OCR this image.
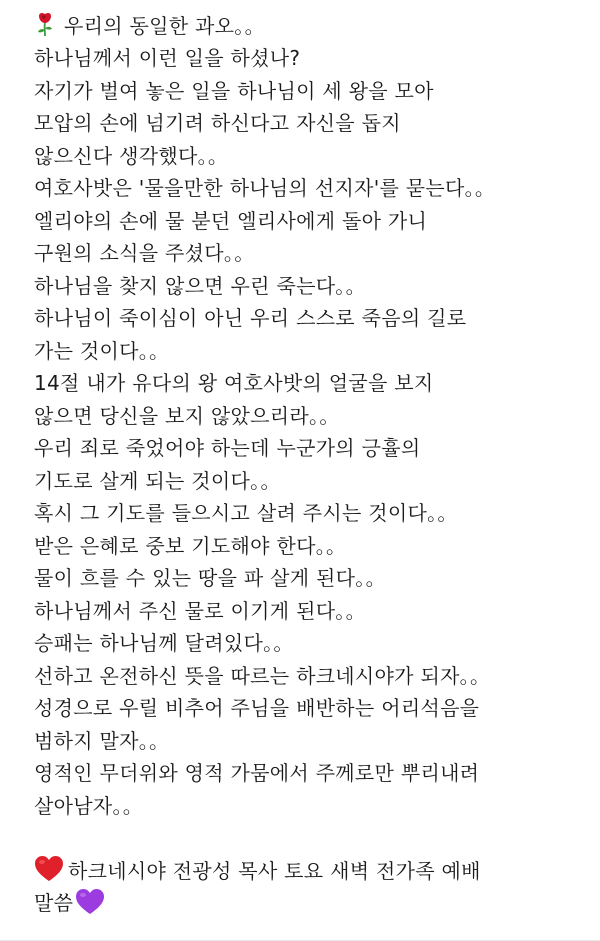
우리의 동일한 과오。。
하나님께서 이런 일을 하셨나?
자기가 벌여 놓은 일을 하나님이 세 왕을 모아
모압의 손에 넘기려 하신다고 자신을 돕지
않으신다 생각했다。。
여호사밧은 '물을만한 하나님의 선지자'를 묻는다。。
엘리야의 손에 물 붇던 엘리사에게 돌아 가니
구원의 소식을 주셨다。。
하나님을 찾지 않으면 우린 죽는다。。
하나님이 죽이심이 아닌 우리 스스로 죽음의 길로
가는 것이다。。
14절 내가 유다의 왕 여호사밧의 얼굴을 보지
않으면 당신을 보지 않았으리라。。
우리 죄로 죽었어야 하는데 누군가의 긍휼의
기도로 살게 되는 것이다。。
혹시 그 기도를 들으시고 살려 주시는 것이다。。
받은 은혜로 중보 기도해야 한다。。
물이 흐를 수 있는 땅을 파 살게 된다。。
하나님께서 주신 물로 이기게 된다。。
승패는 하나님께 달려있다。。
선하고 온전하신 뜻을 따르는 하크네시야가 되자。。
성경으로 우릴 비추어 주님을 배반하는 어리석음을
범하지 말자。。
영적인 무더위와 영적 가뭄에서 주께로만 뿌리내려
살아남자。。
하크네시야 전광성 목사 토요 새벽 전가족 예배
말씀
